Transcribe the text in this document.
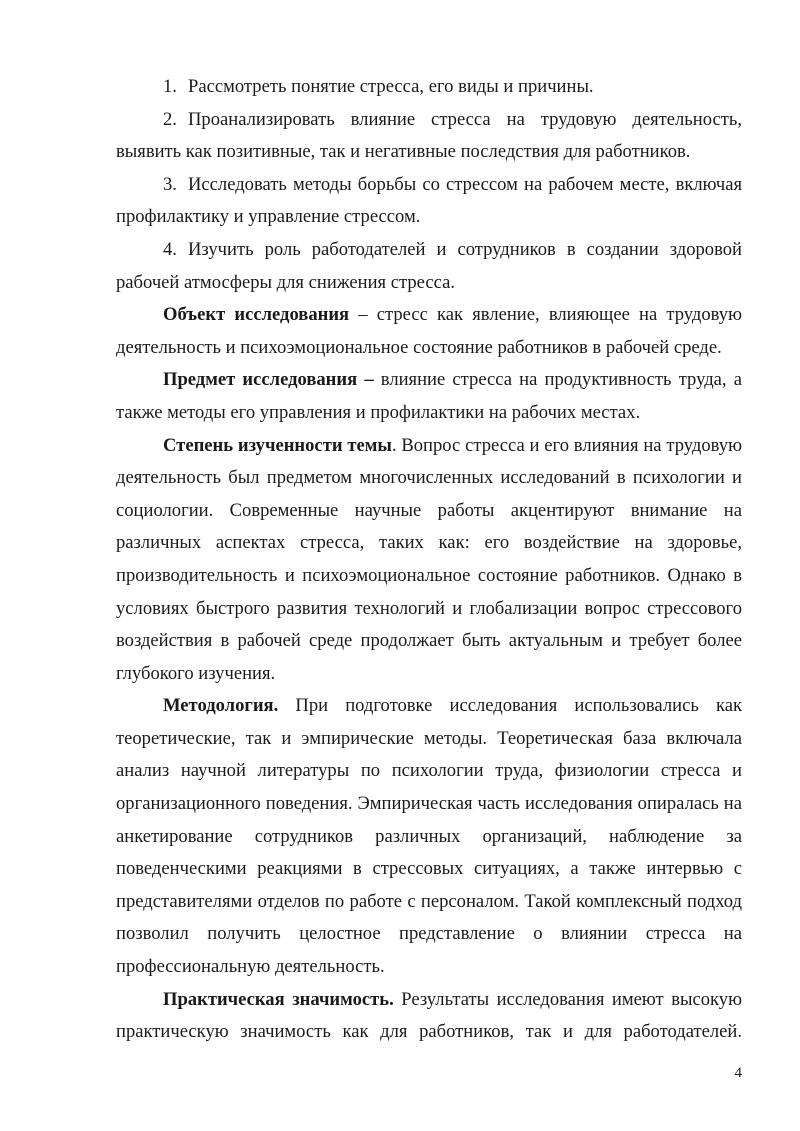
1. Рассмотреть понятие стресса, его виды и причины.

2. Проанализировать влияние стресса на трудовую деятельность, выявить как позитивные, так и негативные последствия для работников.

3. Исследовать методы борьбы со стрессом на рабочем месте, включая профилактику и управление стрессом.

4. Изучить роль работодателей и сотрудников в создании здоровой рабочей атмосферы для снижения стресса.

Объект исследования – стресс как явление, влияющее на трудовую деятельность и психоэмоциональное состояние работников в рабочей среде.

Предмет исследования – влияние стресса на продуктивность труда, а также методы его управления и профилактики на рабочих местах.

Степень изученности темы. Вопрос стресса и его влияния на трудовую деятельность был предметом многочисленных исследований в психологии и социологии. Современные научные работы акцентируют внимание на различных аспектах стресса, таких как: его воздействие на здоровье, производительность и психоэмоциональное состояние работников. Однако в условиях быстрого развития технологий и глобализации вопрос стрессового воздействия в рабочей среде продолжает быть актуальным и требует более глубокого изучения.

Методология. При подготовке исследования использовались как теоретические, так и эмпирические методы. Теоретическая база включала анализ научной литературы по психологии труда, физиологии стресса и организационного поведения. Эмпирическая часть исследования опиралась на анкетирование сотрудников различных организаций, наблюдение за поведенческими реакциями в стрессовых ситуациях, а также интервью с представителями отделов по работе с персоналом. Такой комплексный подход позволил получить целостное представление о влиянии стресса на профессиональную деятельность.

Практическая значимость. Результаты исследования имеют высокую практическую значимость как для работников, так и для работодателей.

4
